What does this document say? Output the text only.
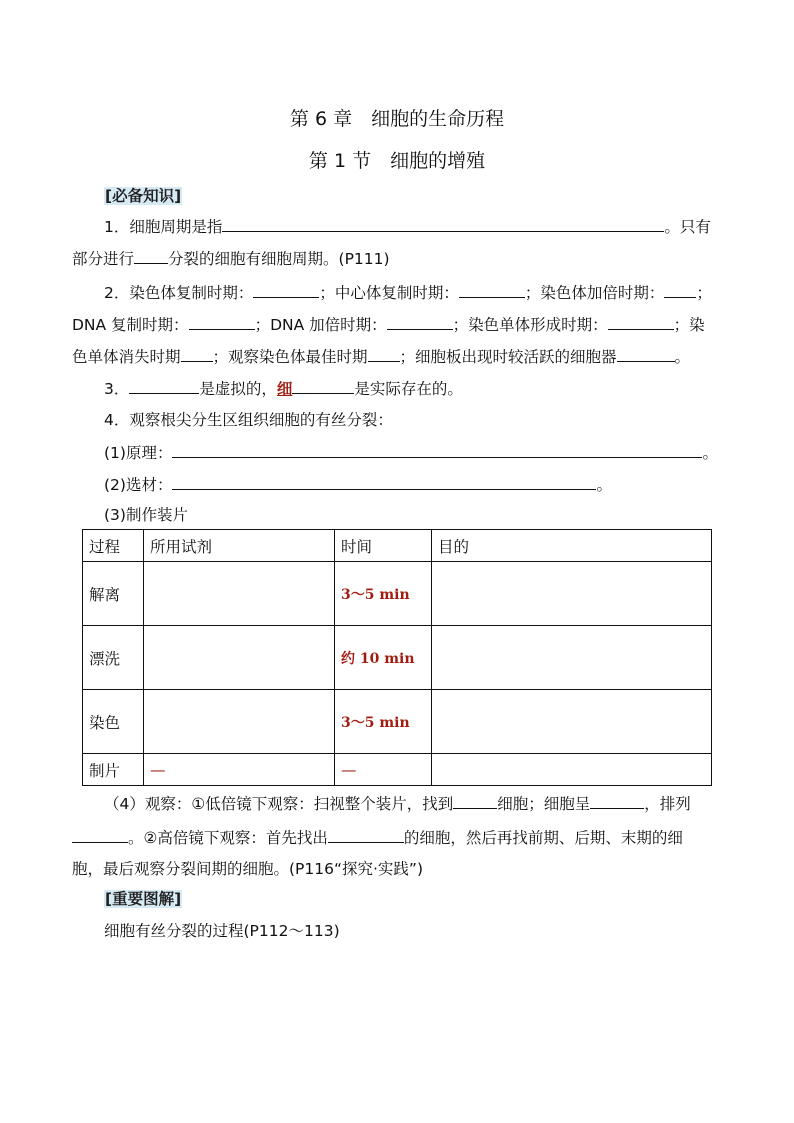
第 6 章　细胞的生命历程
第 1 节　细胞的增殖
[必备知识]
1．细胞周期是指	。只有
部分进行 分裂的细胞有细胞周期。(P111)
2．染色体复制时期：	；中心体复制时期：	；染色体加倍时期： ；
DNA 复制时期：	；DNA 加倍时期：	；染色单体形成时期：	；染
色单体消失时期 ；观察染色体最佳时期 ；细胞板出现时较活跃的细胞器	。
3．	是虚拟的，细	是实际存在的。
4．观察根尖分生区组织细胞的有丝分裂：
(1)原理：	。
(2)选材：	。
(3)制作装片
过程	所用试剂	时间	目的
解离		3～5 min	
漂洗		约 10 min	
染色		3～5 min	
制片	—	—	
（4）观察：①低倍镜下观察：扫视整个装片，找到	细胞；细胞呈	，排列
。②高倍镜下观察：首先找出	的细胞，然后再找前期、后期、末期的细
胞，最后观察分裂间期的细胞。(P116“探究·实践”)
[重要图解]
细胞有丝分裂的过程(P112～113)
